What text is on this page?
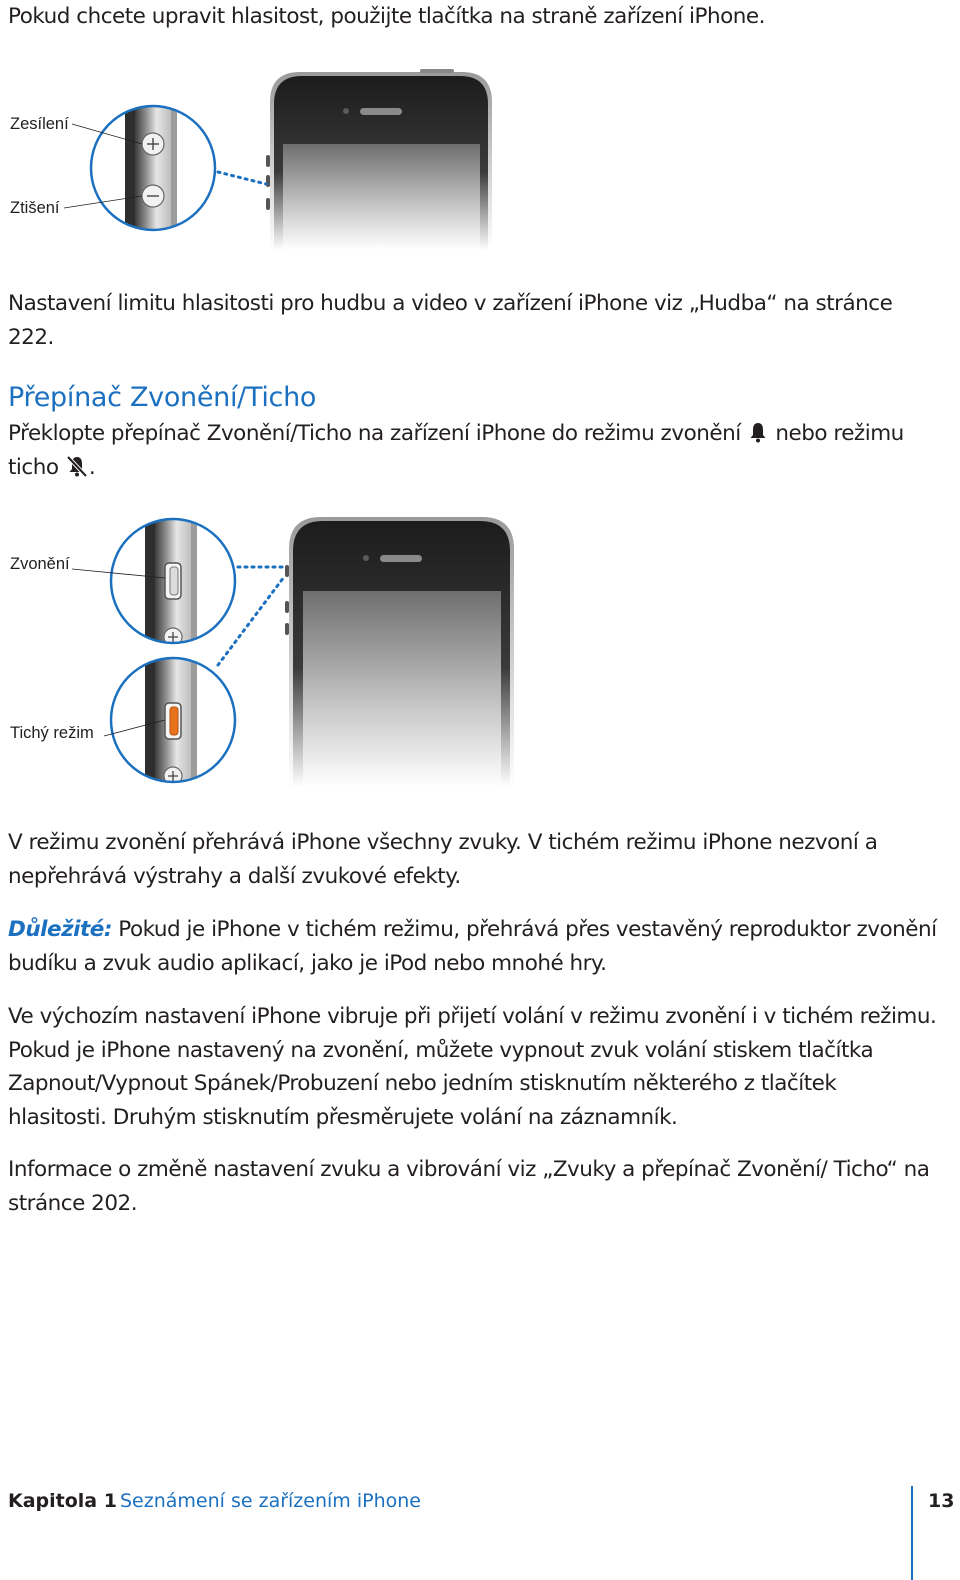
Pokud chcete upravit hlasitost, použijte tlačítka na straně zařízení iPhone.

Zesílení
Ztišení

Nastavení limitu hlasitosti pro hudbu a video v zařízení iPhone viz „Hudba“ na stránce 222.

Přepínač Zvonění/Ticho

Překlopte přepínač Zvonění/Ticho na zařízení iPhone do režimu zvonění  nebo režimu ticho .

Zvonění
Tichý režim

V režimu zvonění přehrává iPhone všechny zvuky. V tichém režimu iPhone nezvoní a nepřehrává výstrahy a další zvukové efekty.

Důležité: Pokud je iPhone v tichém režimu, přehrává přes vestavěný reproduktor zvonění budíku a zvuk audio aplikací, jako je iPod nebo mnohé hry.

Ve výchozím nastavení iPhone vibruje při přijetí volání v režimu zvonění i v tichém režimu. Pokud je iPhone nastavený na zvonění, můžete vypnout zvuk volání stiskem tlačítka Zapnout/Vypnout Spánek/Probuzení nebo jedním stisknutím některého z tlačítek hlasitosti. Druhým stisknutím přesměrujete volání na záznamník.

Informace o změně nastavení zvuku a vibrování viz „Zvuky a přepínač Zvonění/ Ticho“ na stránce 202.

Kapitola 1 Seznámení se zařízením iPhone	13
